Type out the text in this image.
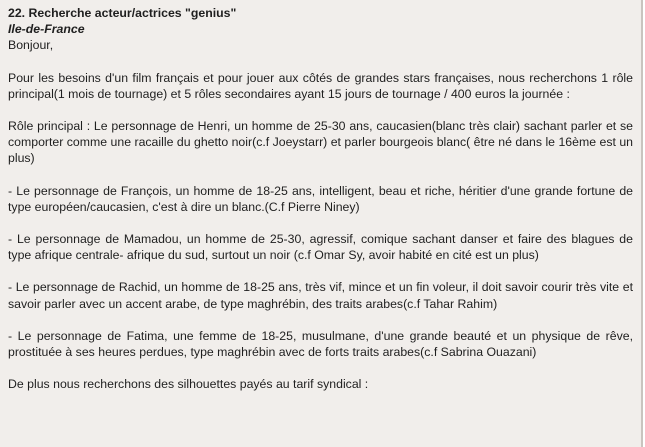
22. Recherche acteur/actrices "genius"

Ile-de-France

Bonjour,

Pour les besoins d'un film français et pour jouer aux côtés de grandes stars françaises, nous recherchons 1 rôle principal(1 mois de tournage) et 5 rôles secondaires ayant 15 jours de tournage / 400 euros la journée :

Rôle principal : Le personnage de Henri, un homme de 25-30 ans, caucasien(blanc très clair) sachant parler et se comporter comme une racaille du ghetto noir(c.f Joeystarr) et parler bourgeois blanc( être né dans le 16ème est un plus)

- Le personnage de François, un homme de 18-25 ans, intelligent, beau et riche, héritier d'une grande fortune de type européen/caucasien, c'est à dire un blanc.(C.f Pierre Niney)

- Le personnage de Mamadou, un homme de 25-30, agressif, comique sachant danser et faire des blagues de type afrique centrale- afrique du sud, surtout un noir (c.f Omar Sy, avoir habité en cité est un plus)

- Le personnage de Rachid, un homme de 18-25 ans, très vif, mince et un fin voleur, il doit savoir courir très vite et savoir parler avec un accent arabe, de type maghrébin, des traits arabes(c.f Tahar Rahim)

- Le personnage de Fatima, une femme de 18-25, musulmane, d'une grande beauté et un physique de rêve, prostituée à ses heures perdues, type maghrébin avec de forts traits arabes(c.f Sabrina Ouazani)

De plus nous recherchons des silhouettes payés au tarif syndical :
